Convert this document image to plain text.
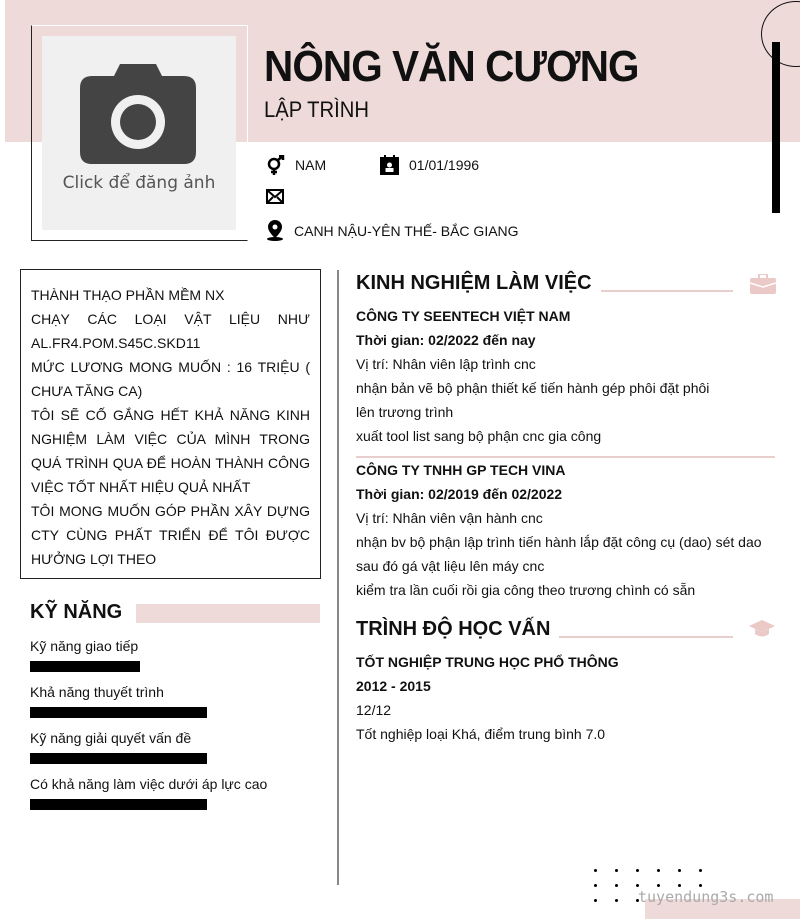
Click để đăng ảnh
NÔNG VĂN CƯƠNG
LẬP TRÌNH
NAM	01/01/1996
CANH NẬU-YÊN THẾ- BẮC GIANG

THÀNH THẠO PHẦN MỀM NX

CHẠY CÁC LOẠI VẬT LIỆU NHƯ AL.FR4.POM.S45C.SKD11

MỨC LƯƠNG MONG MUỐN : 16 TRIỆU ( CHƯA TĂNG CA)

TÔI SẼ CỐ GẮNG HẾT KHẢ NĂNG KINH NGHIỆM LÀM VIỆC CỦA MÌNH TRONG QUÁ TRÌNH QUA ĐỂ HOÀN THÀNH CÔNG VIỆC TỐT NHẤT HIỆU QUẢ NHẤT

TÔI MONG MUỐN GÓP PHẦN XÂY DỰNG CTY CÙNG PHẤT TRIỂN ĐỂ TÔI ĐƯỢC HƯỞNG LỢI THEO

KỸ NĂNG
Kỹ năng giao tiếp
Khả năng thuyết trình
Kỹ năng giải quyết vấn đề
Có khả năng làm việc dưới áp lực cao
KINH NGHIỆM LÀM VIỆC
CÔNG TY SEENTECH VIỆT NAM
Thời gian: 02/2022 đến nay
Vị trí: Nhân viên lập trình cnc
nhận bản vẽ bộ phận thiết kế tiến hành gép phôi đặt phôi
lên trương trình
xuất tool list sang bộ phận cnc gia công
CÔNG TY TNHH GP TECH VINA
Thời gian: 02/2019 đến 02/2022
Vị trí: Nhân viên vận hành cnc
nhận bv bộ phận lập trình tiến hành lắp đặt công cụ (dao) sét dao
sau đó gá vật liệu lên máy cnc
kiểm tra lần cuối rồi gia công theo trương chình có sẵn
TRÌNH ĐỘ HỌC VẤN
TỐT NGHIỆP TRUNG HỌC PHỔ THÔNG
2012 - 2015
12/12
Tốt nghiệp loại Khá, điểm trung bình 7.0
tuyendung3s.com
